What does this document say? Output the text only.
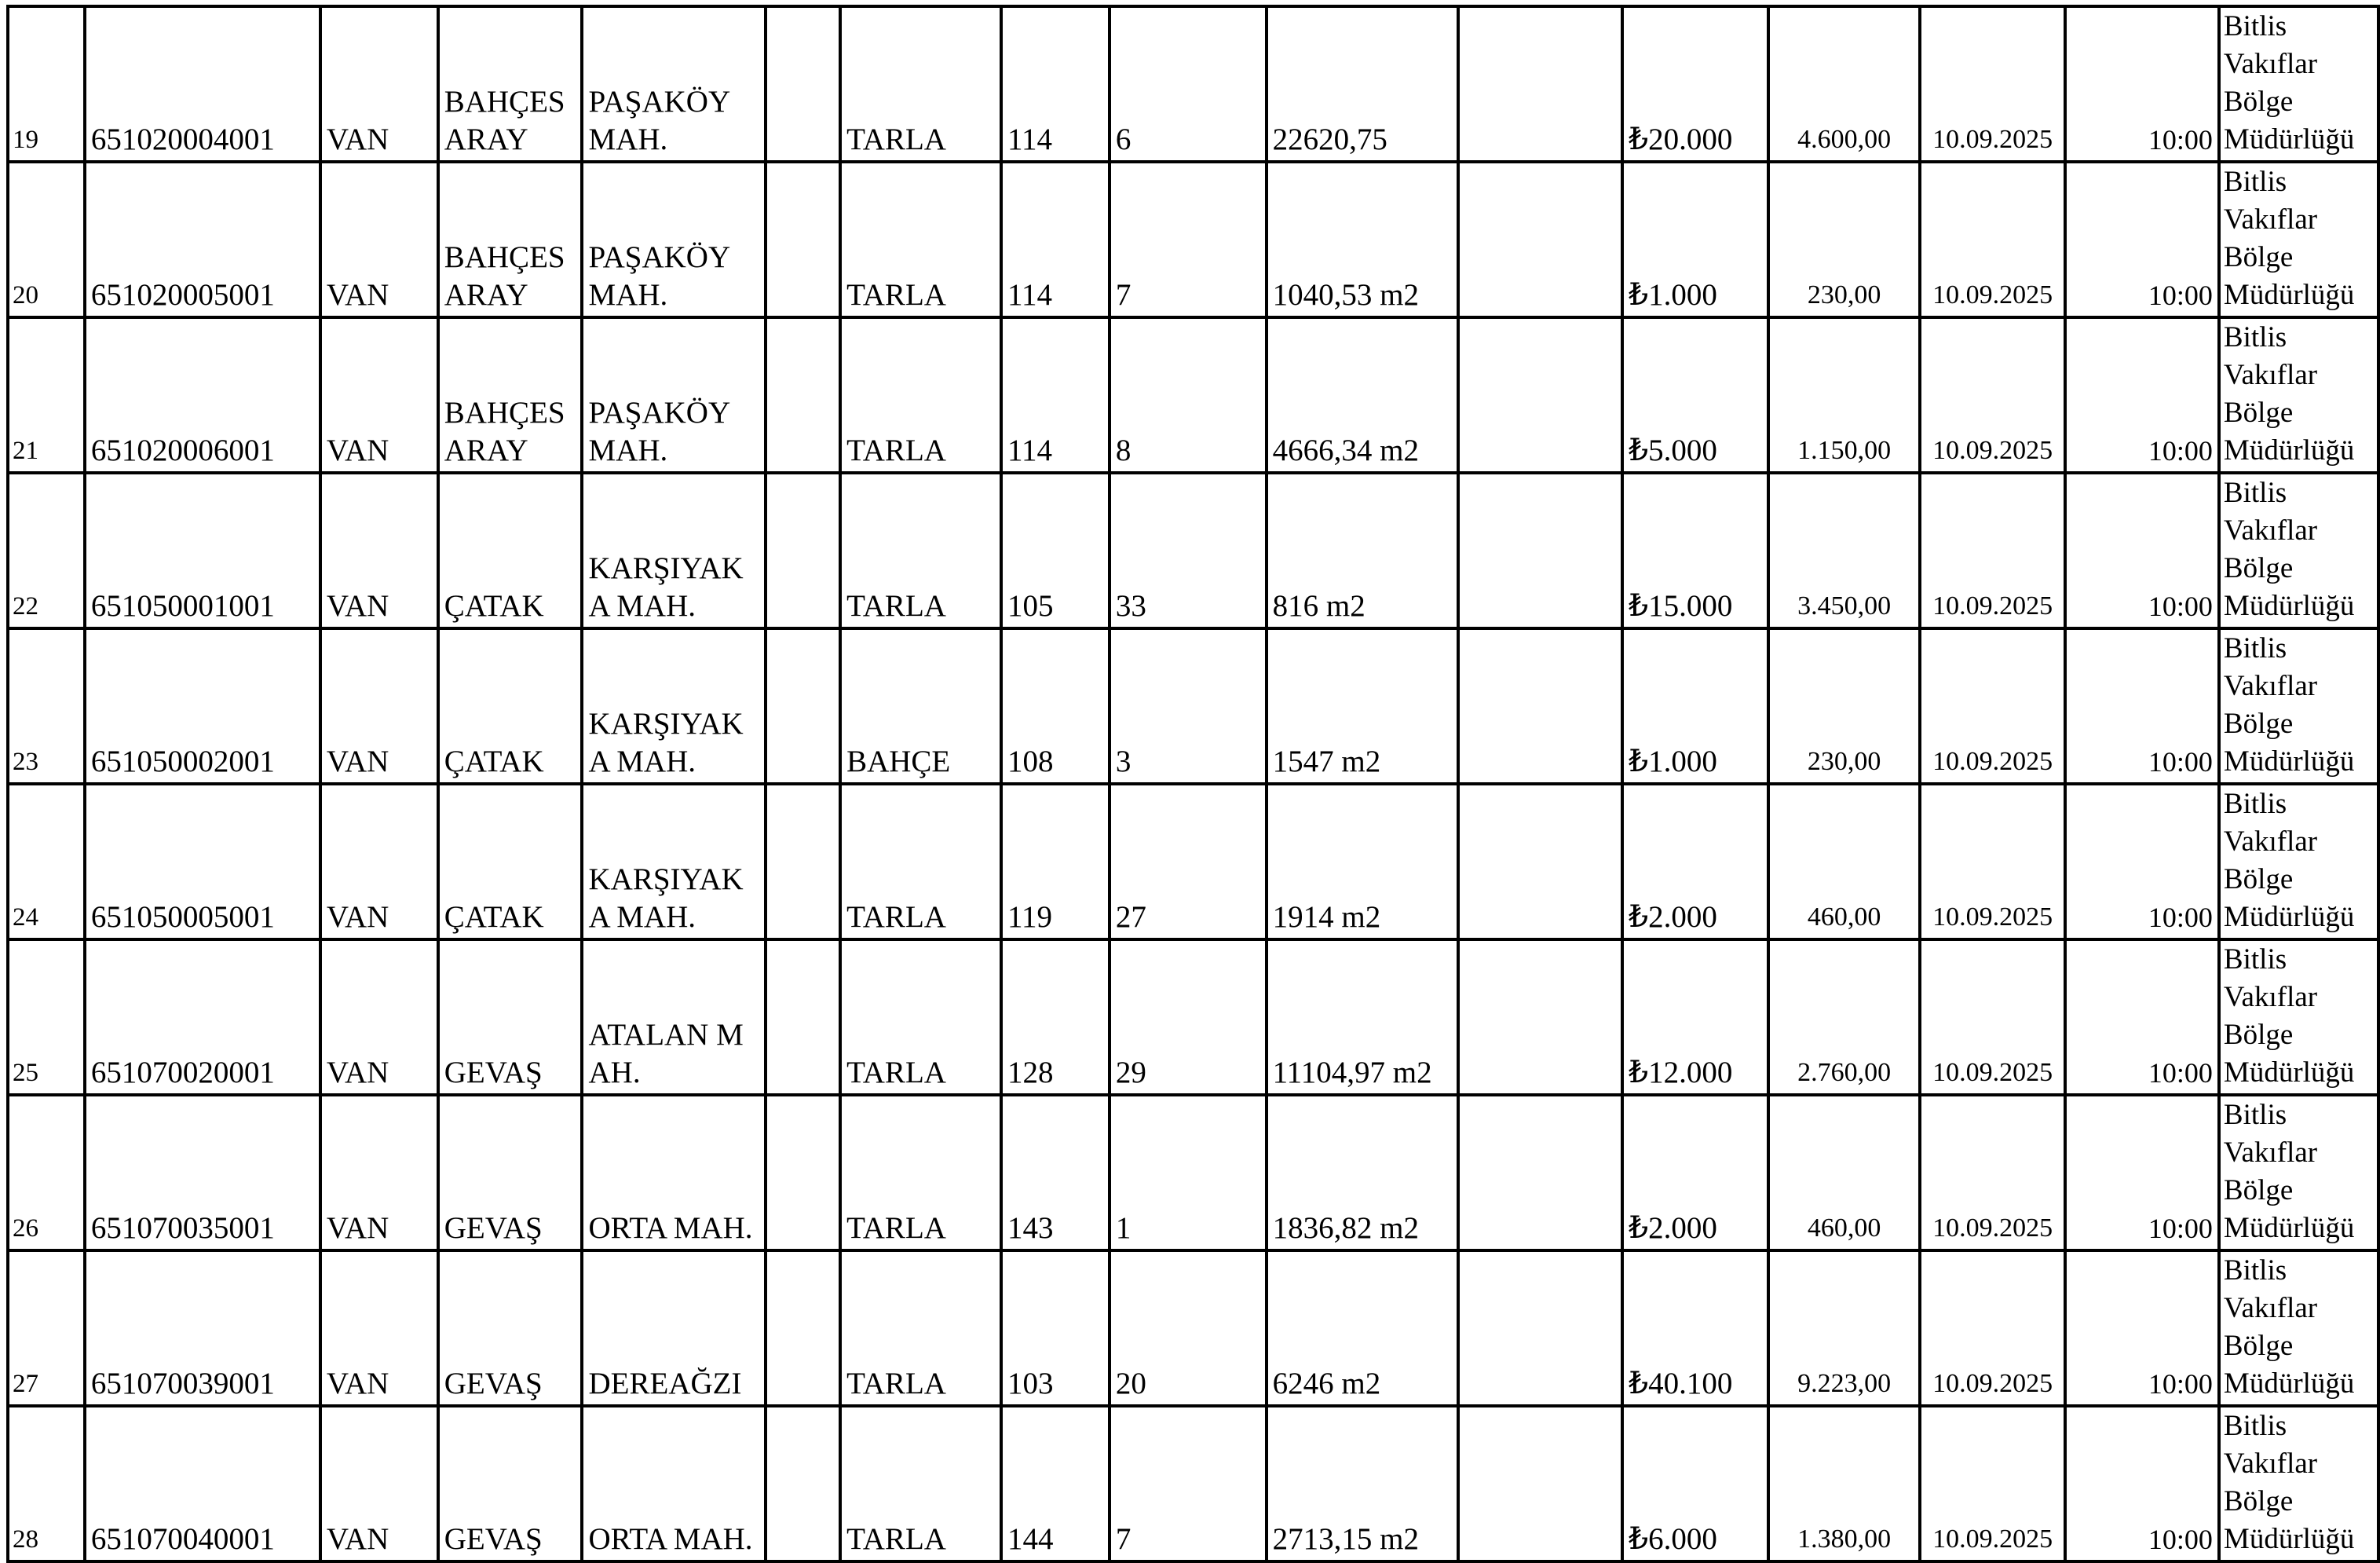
19	651020004001	VAN	BAHÇESARAY	PAŞAKÖY MAH.		TARLA	114	6	22620,75		₺20.000	4.600,00	10.09.2025	10:00	Bitlis Vakıflar Bölge Müdürlüğü
20	651020005001	VAN	BAHÇESARAY	PAŞAKÖY MAH.		TARLA	114	7	1040,53 m2		₺1.000	230,00	10.09.2025	10:00	Bitlis Vakıflar Bölge Müdürlüğü
21	651020006001	VAN	BAHÇESARAY	PAŞAKÖY MAH.		TARLA	114	8	4666,34 m2		₺5.000	1.150,00	10.09.2025	10:00	Bitlis Vakıflar Bölge Müdürlüğü
22	651050001001	VAN	ÇATAK	KARŞIYAKA MAH.		TARLA	105	33	816 m2		₺15.000	3.450,00	10.09.2025	10:00	Bitlis Vakıflar Bölge Müdürlüğü
23	651050002001	VAN	ÇATAK	KARŞIYAKA MAH.		BAHÇE	108	3	1547 m2		₺1.000	230,00	10.09.2025	10:00	Bitlis Vakıflar Bölge Müdürlüğü
24	651050005001	VAN	ÇATAK	KARŞIYAKA MAH.		TARLA	119	27	1914 m2		₺2.000	460,00	10.09.2025	10:00	Bitlis Vakıflar Bölge Müdürlüğü
25	651070020001	VAN	GEVAŞ	ATALAN MAH.		TARLA	128	29	11104,97 m2		₺12.000	2.760,00	10.09.2025	10:00	Bitlis Vakıflar Bölge Müdürlüğü
26	651070035001	VAN	GEVAŞ	ORTA MAH.		TARLA	143	1	1836,82 m2		₺2.000	460,00	10.09.2025	10:00	Bitlis Vakıflar Bölge Müdürlüğü
27	651070039001	VAN	GEVAŞ	DEREAĞZI		TARLA	103	20	6246 m2		₺40.100	9.223,00	10.09.2025	10:00	Bitlis Vakıflar Bölge Müdürlüğü
28	651070040001	VAN	GEVAŞ	ORTA MAH.		TARLA	144	7	2713,15 m2		₺6.000	1.380,00	10.09.2025	10:00	Bitlis Vakıflar Bölge Müdürlüğü
